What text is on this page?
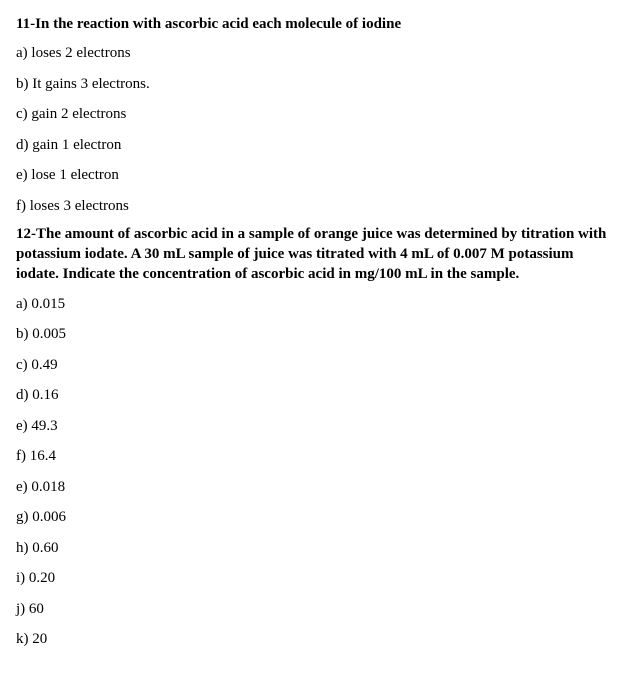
11-In the reaction with ascorbic acid each molecule of iodine

a) loses 2 electrons
b) It gains 3 electrons.
c) gain 2 electrons
d) gain 1 electron
e) lose 1 electron
f) loses 3 electrons

12-The amount of ascorbic acid in a sample of orange juice was determined by titration with potassium iodate. A 30 mL sample of juice was titrated with 4 mL of 0.007 M potassium iodate. Indicate the concentration of ascorbic acid in mg/100 mL in the sample.

a) 0.015
b) 0.005
c) 0.49
d) 0.16
e) 49.3
f) 16.4
e) 0.018
g) 0.006
h) 0.60
i) 0.20
j) 60
k) 20
